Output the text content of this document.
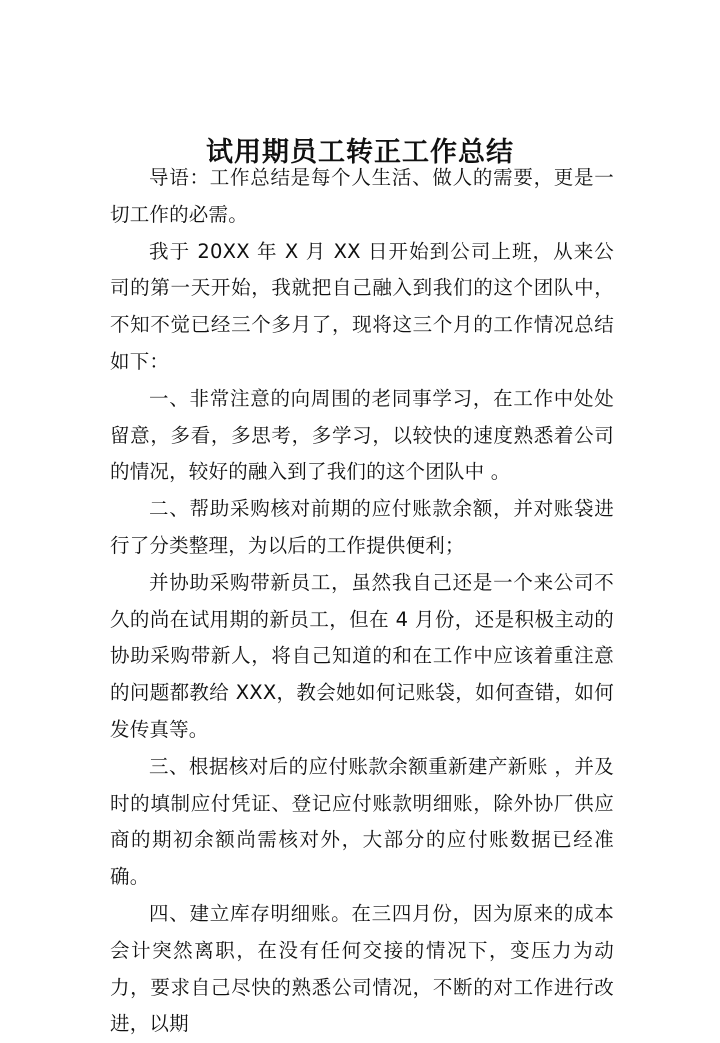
试用期员工转正工作总结

导语：工作总结是每个人生活、做人的需要，更是一切工作的必需。

我于 20XX 年 X 月 XX 日开始到公司上班，从来公司的第一天开始，我就把自己融入到我们的这个团队中，不知不觉已经三个多月了，现将这三个月的工作情况总结如下：

一、非常注意的向周围的老同事学习，在工作中处处留意，多看，多思考，多学习，以较快的速度熟悉着公司的情况，较好的融入到了我们的这个团队中 。

二、帮助采购核对前期的应付账款余额，并对账袋进行了分类整理，为以后的工作提供便利；

并协助采购带新员工，虽然我自己还是一个来公司不久的尚在试用期的新员工，但在 4 月份，还是积极主动的协助采购带新人，将自己知道的和在工作中应该着重注意的问题都教给 XXX，教会她如何记账袋，如何查错，如何发传真等。

三、根据核对后的应付账款余额重新建产新账 ，并及时的填制应付凭证、登记应付账款明细账，除外协厂供应商的期初余额尚需核对外，大部分的应付账数据已经准确。

四、建立库存明细账。在三四月份，因为原来的成本会计突然离职，在没有任何交接的情况下，变压力为动力，要求自己尽快的熟悉公司情况，不断的对工作进行改进，以期
